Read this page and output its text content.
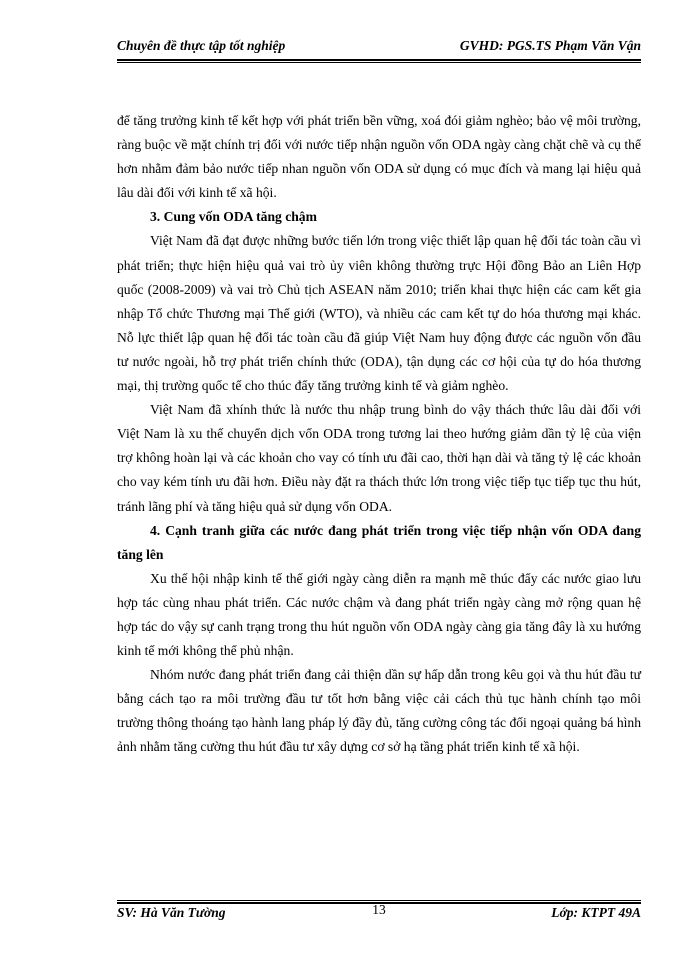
Chuyên đề thực tập tốt nghiệp	GVHD: PGS.TS Phạm Văn Vận

để tăng trưởng kinh tế kết hợp với phát triển bền vững, xoá đói giảm nghèo; bảo vệ môi trường, ràng buộc về mặt chính trị đối với nước tiếp nhận nguồn vốn ODA ngày càng chặt chẽ và cụ thể hơn nhằm đảm bảo nước tiếp nhan nguồn vốn ODA sử dụng có mục đích và mang lại hiệu quả lâu dài đối với kinh tế xã hội.

3. Cung vốn ODA tăng chậm

Việt Nam đã đạt được những bước tiến lớn trong việc thiết lập quan hệ đối tác toàn cầu vì phát triển; thực hiện hiệu quả vai trò ủy viên không thường trực Hội đồng Bảo an Liên Hợp quốc (2008-2009) và vai trò Chủ tịch ASEAN năm 2010; triển khai thực hiện các cam kết gia nhập Tổ chức Thương mại Thế giới (WTO), và nhiều các cam kết tự do hóa thương mại khác. Nỗ lực thiết lập quan hệ đối tác toàn cầu đã giúp Việt Nam huy động được các nguồn vốn đầu tư nước ngoài, hỗ trợ phát triển chính thức (ODA), tận dụng các cơ hội của tự do hóa thương mại, thị trường quốc tế cho thúc đẩy tăng trưởng kinh tế và giảm nghèo.

Việt Nam đã xhính thức là nước thu nhập trung bình do vậy thách thức lâu dài đối với Việt Nam là xu thế chuyển dịch vốn ODA trong tương lai theo hướng giảm dần tỷ lệ của viện trợ không hoàn lại và các khoản cho vay có tính ưu đãi cao, thời hạn dài và tăng tỷ lệ các khoản cho vay kém tính ưu đãi hơn. Điều này đặt ra thách thức lớn trong việc tiếp tục tiếp tục thu hút, tránh lãng phí và tăng hiệu quả sử dụng vốn ODA.

4. Cạnh tranh giữa các nước đang phát triển trong việc tiếp nhận vốn ODA đang tăng lên

Xu thế hội nhập kinh tế thế giới ngày càng diễn ra mạnh mẽ thúc đẩy các nước giao lưu hợp tác cùng nhau phát triển. Các nước chậm và đang phát triển ngày càng mở rộng quan hệ hợp tác do vậy sự canh trạng trong thu hút nguồn vốn ODA ngày càng gia tăng đây là xu hướng kinh tế mới không thể phủ nhận.

Nhóm nước đang phát triển đang cải thiện dần sự hấp dẫn trong kêu gọi và thu hút đầu tư bằng cách tạo ra môi trường đầu tư tốt hơn bằng việc cải cách thủ tục hành chính tạo môi trường thông thoáng tạo hành lang pháp lý đầy đủ, tăng cường công tác đối ngoại quảng bá hình ảnh nhằm tăng cường thu hút đầu tư xây dựng cơ sở hạ tầng phát triển kinh tế xã hội.

SV: Hà Văn Tường	13	Lớp: KTPT 49A
